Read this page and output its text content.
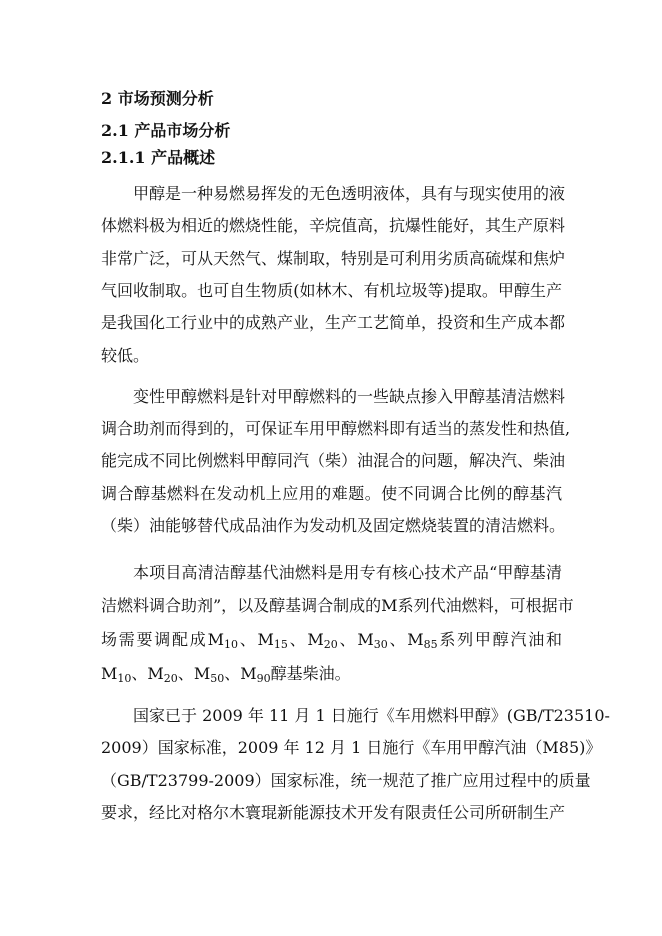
2 市场预测分析
2.1 产品市场分析
2.1.1 产品概述
甲醇是一种易燃易挥发的无色透明液体，具有与现实使用的液
体燃料极为相近的燃烧性能，辛烷值高，抗爆性能好，其生产原料
非常广泛，可从天然气、煤制取，特别是可利用劣质高硫煤和焦炉
气回收制取。也可自生物质(如林木、有机垃圾等)提取。甲醇生产
是我国化工行业中的成熟产业，生产工艺简单，投资和生产成本都
较低。
变性甲醇燃料是针对甲醇燃料的一些缺点掺入甲醇基清洁燃料
调合助剂而得到的，可保证车用甲醇燃料即有适当的蒸发性和热值,
能完成不同比例燃料甲醇同汽（柴）油混合的问题，解决汽、柴油
调合醇基燃料在发动机上应用的难题。使不同调合比例的醇基汽
（柴）油能够替代成品油作为发动机及固定燃烧装置的清洁燃料。
本项目高清洁醇基代油燃料是用专有核心技术产品“甲醇基清
洁燃料调合助剂”，以及醇基调合制成的M系列代油燃料，可根据市
场需要调配成$M_{10}$、$M_{15}$、$M_{20}$、$M_{30}$、$M_{85}$系列甲醇汽油和
$M_{10}$、$M_{20}$、$M_{50}$、$M_{90}$醇基柴油。
国家已于 2009 年 11 月 1 日施行《车用燃料甲醇》(GB/T23510-
2009）国家标准，2009 年 12 月 1 日施行《车用甲醇汽油（M85)》
（GB/T23799-2009）国家标准，统一规范了推广应用过程中的质量
要求，经比对格尔木寰琨新能源技术开发有限责任公司所研制生产
